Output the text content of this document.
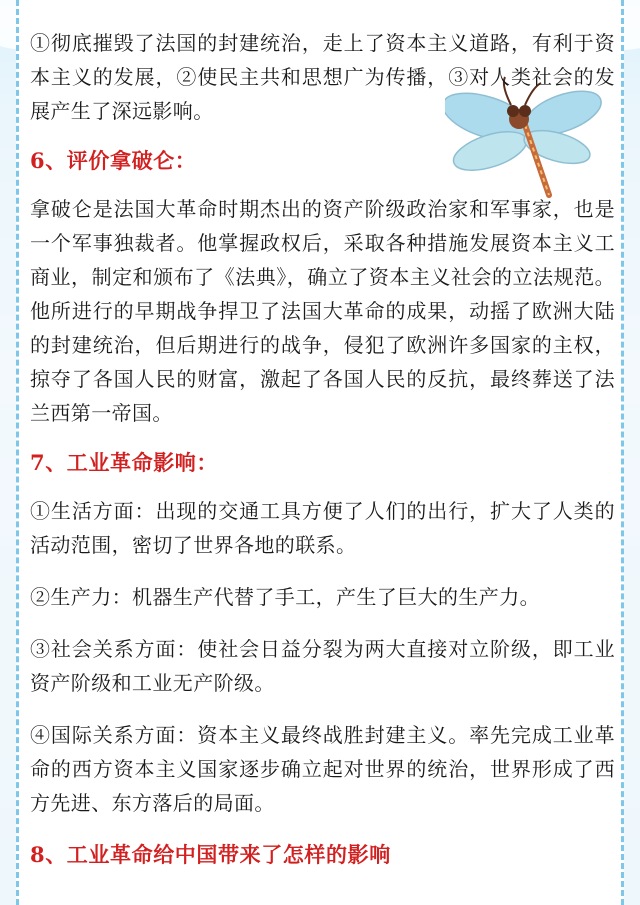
①彻底摧毁了法国的封建统治，走上了资本主义道路，有利于资本主义的发展，②使民主共和思想广为传播，③对人类社会的发展产生了深远影响。

6、评价拿破仑：

拿破仑是法国大革命时期杰出的资产阶级政治家和军事家，也是一个军事独裁者。他掌握政权后，采取各种措施发展资本主义工商业，制定和颁布了《法典》，确立了资本主义社会的立法规范。他所进行的早期战争捍卫了法国大革命的成果，动摇了欧洲大陆的封建统治，但后期进行的战争，侵犯了欧洲许多国家的主权，掠夺了各国人民的财富，激起了各国人民的反抗，最终葬送了法兰西第一帝国。

7、工业革命影响：

①生活方面：出现的交通工具方便了人们的出行，扩大了人类的活动范围，密切了世界各地的联系。

②生产力：机器生产代替了手工，产生了巨大的生产力。

③社会关系方面：使社会日益分裂为两大直接对立阶级，即工业资产阶级和工业无产阶级。

④国际关系方面：资本主义最终战胜封建主义。率先完成工业革命的西方资本主义国家逐步确立起对世界的统治，世界形成了西方先进、东方落后的局面。

8、工业革命给中国带来了怎样的影响
